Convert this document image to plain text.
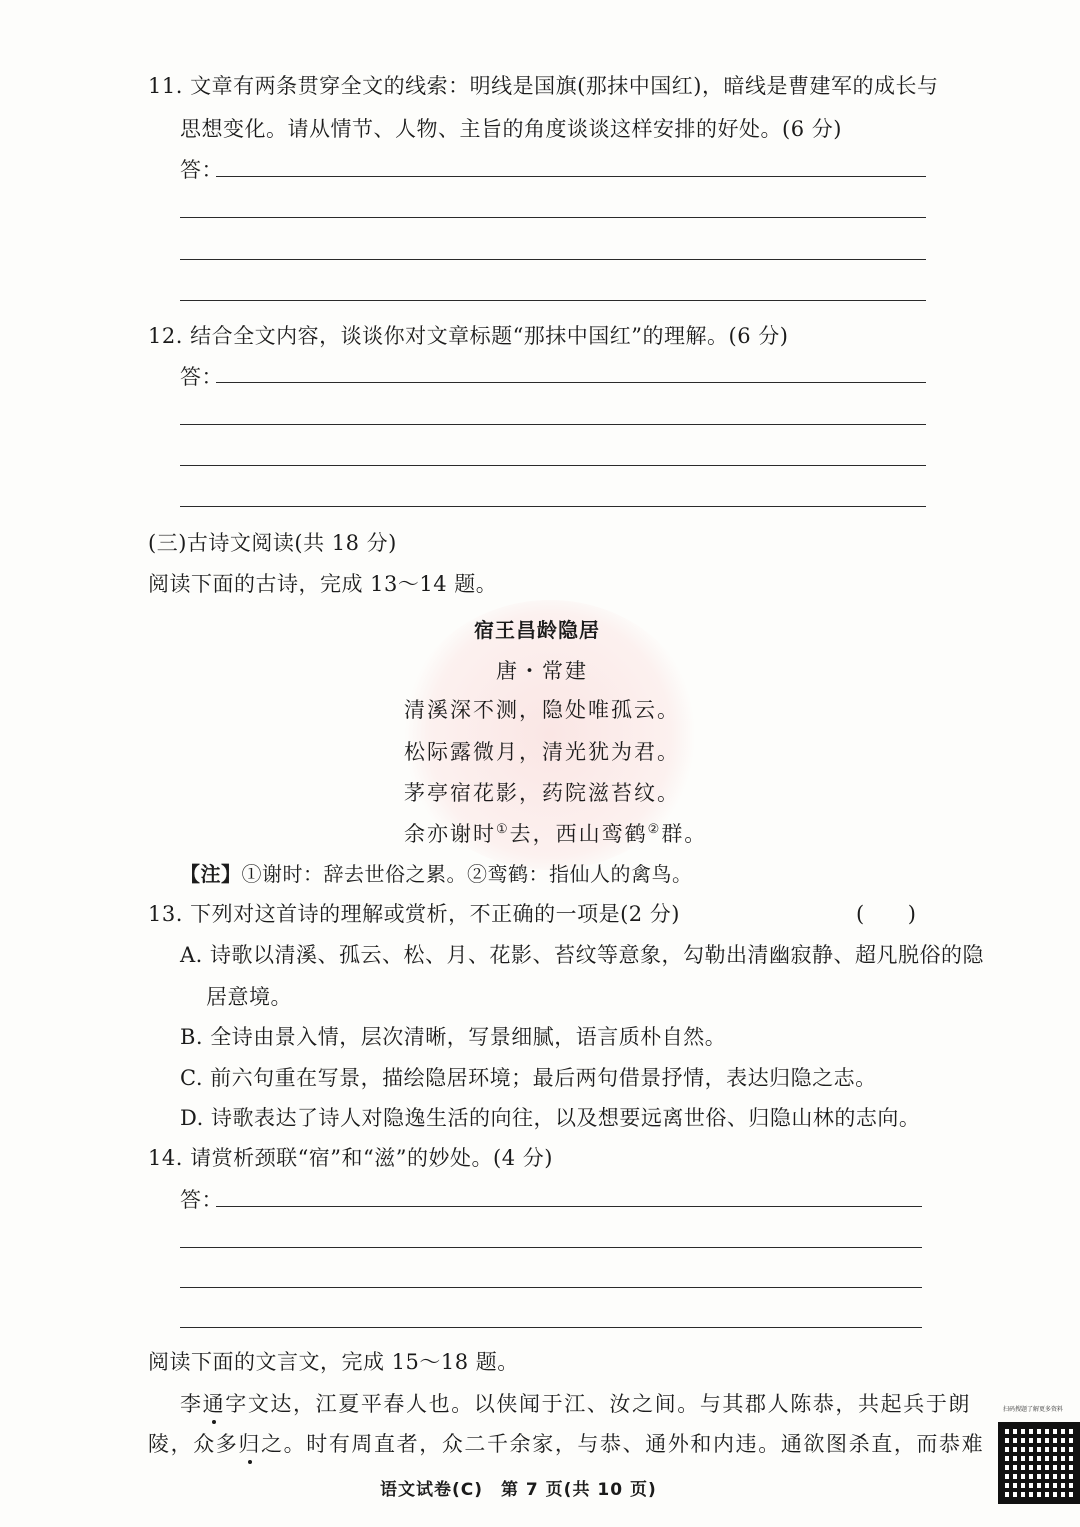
11. 文章有两条贯穿全文的线索：明线是国旗(那抹中国红)，暗线是曹建军的成长与
思想变化。请从情节、人物、主旨的角度谈谈这样安排的好处。(6 分)
答：
12. 结合全文内容，谈谈你对文章标题“那抹中国红”的理解。(6 分)
答：
(三)古诗文阅读(共 18 分)
阅读下面的古诗，完成 13～14 题。
宿王昌龄隐居
唐・常建
清溪深不测，隐处唯孤云。
松际露微月，清光犹为君。
茅亭宿花影，药院滋苔纹。
余亦谢时①去，西山鸾鹤②群。
【注】①谢时：辞去世俗之累。②鸾鹤：指仙人的禽鸟。
13. 下列对这首诗的理解或赏析，不正确的一项是(2 分)	(　　)
A. 诗歌以清溪、孤云、松、月、花影、苔纹等意象，勾勒出清幽寂静、超凡脱俗的隐
居意境。
B. 全诗由景入情，层次清晰，写景细腻，语言质朴自然。
C. 前六句重在写景，描绘隐居环境；最后两句借景抒情，表达归隐之志。
D. 诗歌表达了诗人对隐逸生活的向往，以及想要远离世俗、归隐山林的志向。
14. 请赏析颈联“宿”和“滋”的妙处。(4 分)
答：
阅读下面的文言文，完成 15～18 题。
李通字文达，江夏平春人也。以侠闻于江、汝之间。与其郡人陈恭，共起兵于朗
陵，众多归之。时有周直者，众二千余家，与恭、通外和内违。通欲图杀直，而恭难
语文试卷(C)　第 7 页(共 10 页)
扫码搜题了解更多资料
